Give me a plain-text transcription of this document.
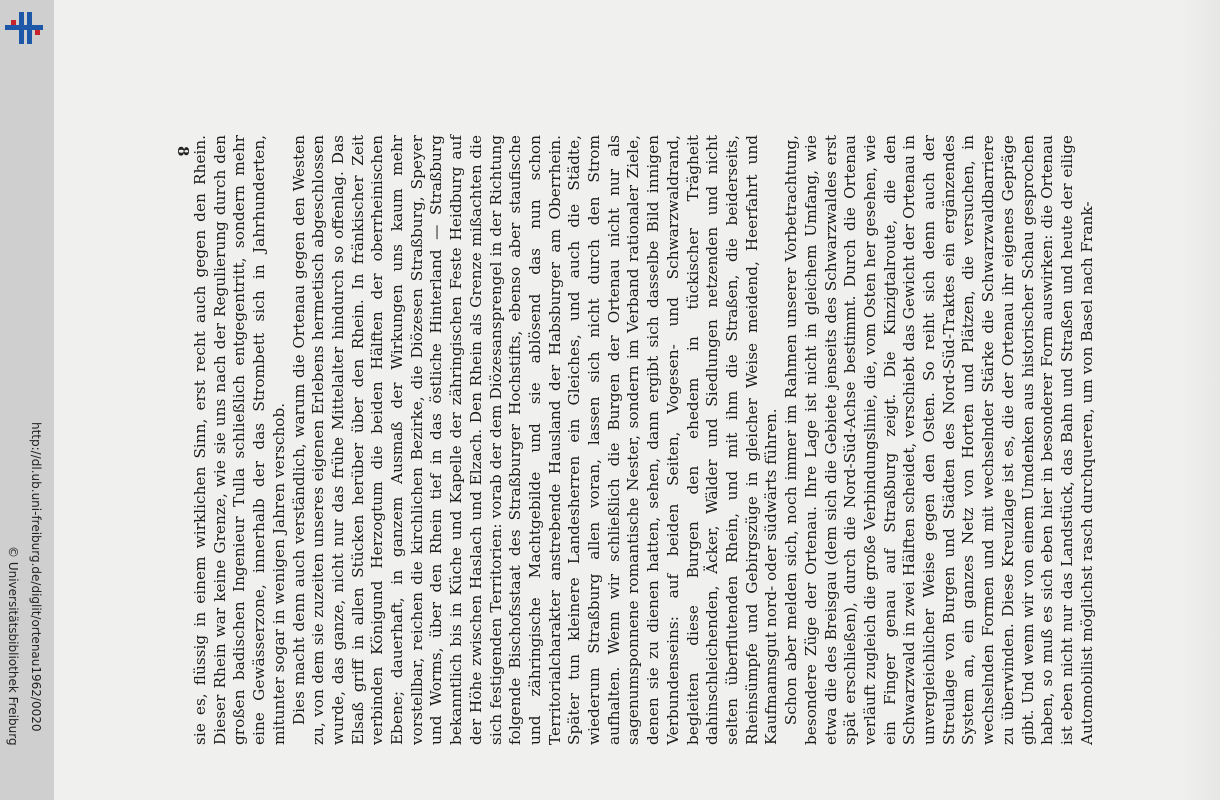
http://dl.ub.uni-freiburg.de/diglit/ortenau1962/0020
© Universitätsbibliothek Freiburg
8 sie es, flüssig in einem wirklichen Sinn, erst recht auch gegen den Rhein. Dieser Rhein war keine Grenze, wie sie uns nach der Regulierung durch den großen badischen Ingenieur Tulla schließlich entgegentritt, sondern mehr eine Gewässerzone, innerhalb der das Strombett sich in Jahrhunderten, mitunter sogar in wenigen Jahren verschob. Dies macht denn auch verständlich, warum die Ortenau gegen den Westen zu, von dem sie zuzeiten unseres eigenen Erlebens hermetisch abgeschlossen wurde, das ganze, nicht nur das frühe Mittelalter hindurch so offenlag. Das Elsaß griff in allen Stücken herüber über den Rhein. In fränkischer Zeit verbinden Königund Herzogtum die beiden Hälften der oberrheinischen Ebene; dauerhaft, in ganzem Ausmaß der Wirkungen uns kaum mehr vorstellbar, reichen die kirchlichen Bezirke, die Diözesen Straßburg, Speyer und Worms, über den Rhein tief in das östliche Hinterland — Straßburg bekanntlich bis in Küche und Kapelle der zähringischen Feste Heidburg auf der Höhe zwischen Haslach und Elzach. Den Rhein als Grenze mißachten die sich festigenden Territorien: vorab der dem Diözesansprengel in der Richtung folgende Bischofsstaat des Straßburger Hochstifts, ebenso aber staufische und zähringische Machtgebilde und sie ablösend das nun schon Territorialcharakter anstrebende Hausland der Habsburger am Oberrhein. Später tun kleinere Landesherren ein Gleiches, und auch die Städte, wiederum Straßburg allen voran, lassen sich nicht durch den Strom aufhalten. Wenn wir schließlich die Burgen der Ortenau nicht nur als sagenumsponnene romantische Nester, sondern im Verband rationaler Ziele, denen sie zu dienen hatten, sehen, dann ergibt sich dasselbe Bild innigen Verbundenseins: auf beiden Seiten, Vogesen- und Schwarzwaldrand, begleiten diese Burgen den ehedem in tückischer Trägheit dahinschleichenden, Äcker, Wälder und Siedlungen netzenden und nicht selten überflutenden Rhein, und mit ihm die Straßen, die beiderseits, Rheinsümpfe und Gebirgszüge in gleicher Weise meidend, Heerfahrt und Kaufmannsgut nord- oder südwärts führen. Schon aber melden sich, noch immer im Rahmen unserer Vorbetrachtung, besondere Züge der Ortenau. Ihre Lage ist nicht in gleichem Umfang, wie etwa die des Breisgau (dem sich die Gebiete jenseits des Schwarzwaldes erst spät erschließen), durch die Nord-Süd-Achse bestimmt. Durch die Ortenau verläuft zugleich die große Verbindungslinie, die, vom Osten her gesehen, wie ein Finger genau auf Straßburg zeigt. Die Kinzigtalroute, die den Schwarzwald in zwei Hälften scheidet, verschiebt das Gewicht der Ortenau in unvergleichlicher Weise gegen den Osten. So reiht sich denn auch der Streulage von Burgen und Städten des Nord-Süd-Traktes ein ergänzendes System an, ein ganzes Netz von Horten und Plätzen, die versuchen, in wechselnden Formen und mit wechselnder Stärke die Schwarzwaldbarriere zu überwinden. Diese Kreuzlage ist es, die der Ortenau ihr eigenes Gepräge gibt. Und wenn wir von einem Umdenken aus historischer Schau gesprochen haben, so muß es sich eben hier in besonderer Form auswirken: die Ortenau ist eben nicht nur das Landstück, das Bahn und Straßen und heute der eilige Automobilist möglichst rasch durchqueren, um von Basel nach Frank-
